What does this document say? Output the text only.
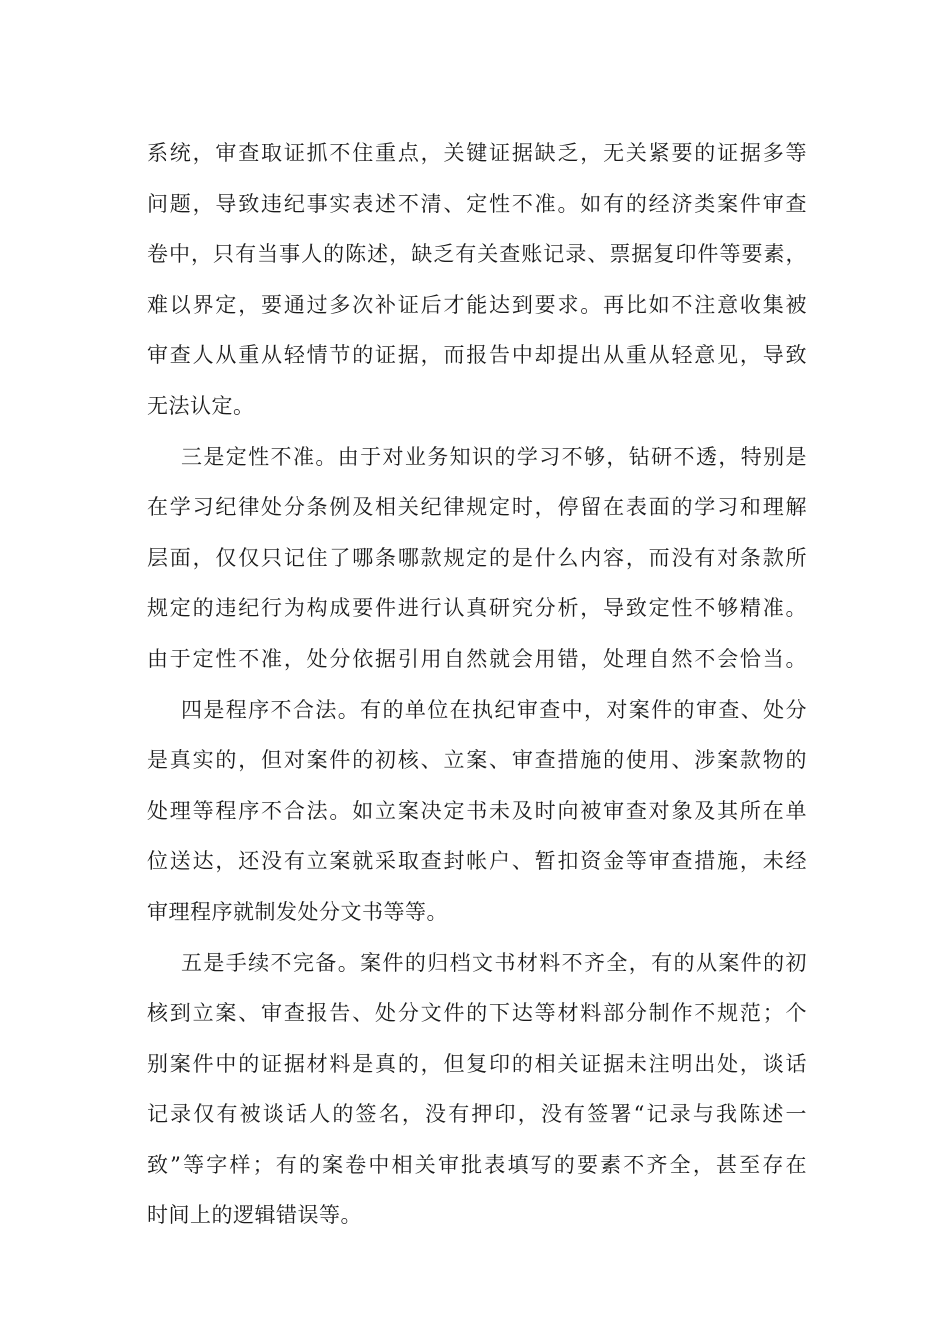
系统，审查取证抓不住重点，关键证据缺乏，无关紧要的证据多等
问题，导致违纪事实表述不清、定性不准。如有的经济类案件审查
卷中，只有当事人的陈述，缺乏有关查账记录、票据复印件等要素，
难以界定，要通过多次补证后才能达到要求。再比如不注意收集被
审查人从重从轻情节的证据，而报告中却提出从重从轻意见，导致
无法认定。
三是定性不准。由于对业务知识的学习不够，钻研不透，特别是
在学习纪律处分条例及相关纪律规定时，停留在表面的学习和理解
层面，仅仅只记住了哪条哪款规定的是什么内容，而没有对条款所
规定的违纪行为构成要件进行认真研究分析，导致定性不够精准。
由于定性不准，处分依据引用自然就会用错，处理自然不会恰当。
四是程序不合法。有的单位在执纪审查中，对案件的审查、处分
是真实的，但对案件的初核、立案、审查措施的使用、涉案款物的
处理等程序不合法。如立案决定书未及时向被审查对象及其所在单
位送达，还没有立案就采取查封帐户、暂扣资金等审查措施，未经
审理程序就制发处分文书等等。
五是手续不完备。案件的归档文书材料不齐全，有的从案件的初
核到立案、审查报告、处分文件的下达等材料部分制作不规范；个
别案件中的证据材料是真的，但复印的相关证据未注明出处，谈话
记录仅有被谈话人的签名，没有押印，没有签署“记录与我陈述一
致”等字样；有的案卷中相关审批表填写的要素不齐全，甚至存在
时间上的逻辑错误等。
